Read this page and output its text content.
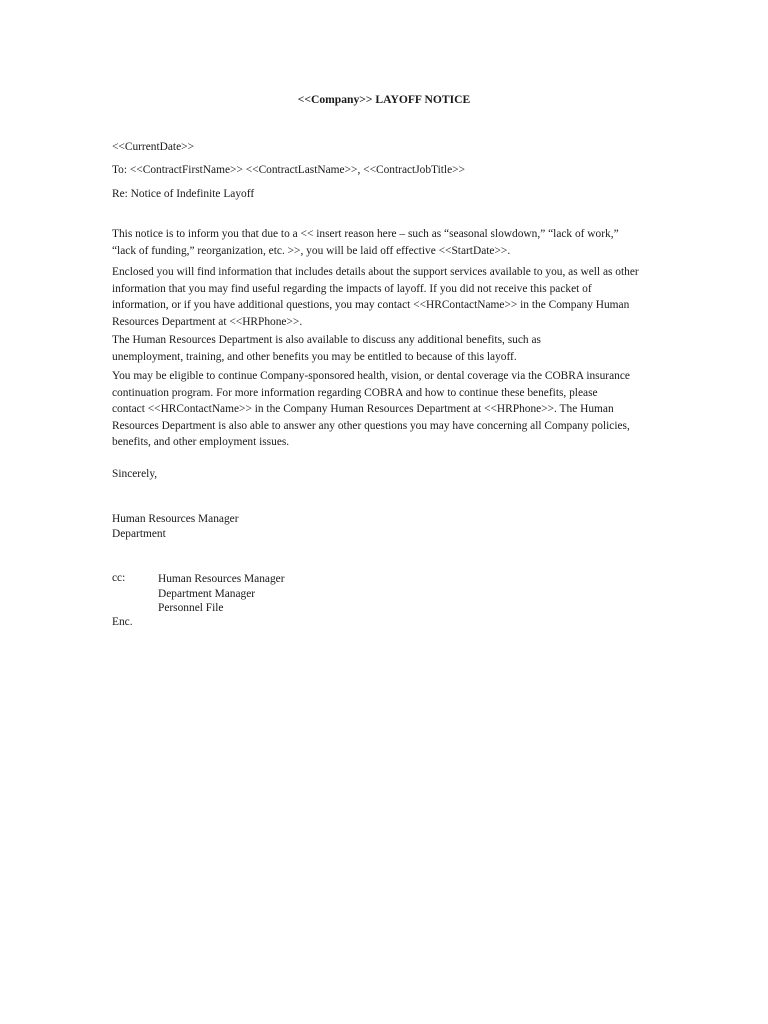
<<Company>> LAYOFF NOTICE
<<CurrentDate>>
To: <<ContractFirstName>> <<ContractLastName>>, <<ContractJobTitle>>
Re: Notice of Indefinite Layoff
This notice is to inform you that due to a << insert reason here – such as “seasonal slowdown,” “lack of work,” “lack of funding,” reorganization, etc. >>, you will be laid off effective <<StartDate>>.
Enclosed you will find information that includes details about the support services available to you, as well as other information that you may find useful regarding the impacts of layoff. If you did not receive this packet of information, or if you have additional questions, you may contact <<HRContactName>> in the Company Human Resources Department at <<HRPhone>>.
The Human Resources Department is also available to discuss any additional benefits, such as unemployment, training, and other benefits you may be entitled to because of this layoff.
You may be eligible to continue Company-sponsored health, vision, or dental coverage via the COBRA insurance continuation program. For more information regarding COBRA and how to continue these benefits, please contact <<HRContactName>> in the Company Human Resources Department at <<HRPhone>>. The Human Resources Department is also able to answer any other questions you may have concerning all Company policies, benefits, and other employment issues.
Sincerely,
Human Resources Manager
Department
cc:	Human Resources Manager
Department Manager
Personnel File
Enc.
